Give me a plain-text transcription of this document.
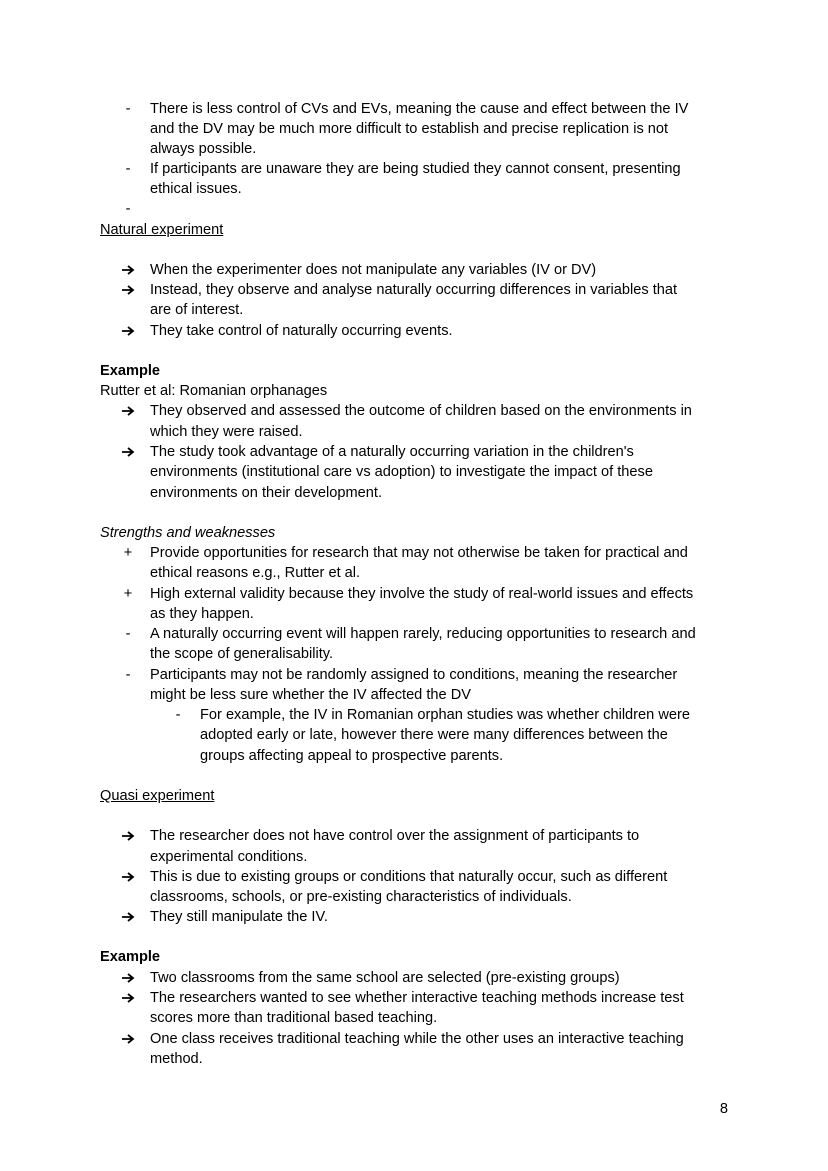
-	There is less control of CVs and EVs, meaning the cause and effect between the IV
and the DV may be much more difficult to establish and precise replication is not
always possible.
-	If participants are unaware they are being studied they cannot consent, presenting
ethical issues.
-
Natural experiment
When the experimenter does not manipulate any variables (IV or DV)
Instead, they observe and analyse naturally occurring differences in variables that
are of interest.
They take control of naturally occurring events.
Example
Rutter et al: Romanian orphanages
They observed and assessed the outcome of children based on the environments in
which they were raised.
The study took advantage of a naturally occurring variation in the children's
environments (institutional care vs adoption) to investigate the impact of these
environments on their development.
Strengths and weaknesses
+	Provide opportunities for research that may not otherwise be taken for practical and
ethical reasons e.g., Rutter et al.
+	High external validity because they involve the study of real-world issues and effects
as they happen.
-	A naturally occurring event will happen rarely, reducing opportunities to research and
the scope of generalisability.
-	Participants may not be randomly assigned to conditions, meaning the researcher
might be less sure whether the IV affected the DV
-	For example, the IV in Romanian orphan studies was whether children were
adopted early or late, however there were many differences between the
groups affecting appeal to prospective parents.
Quasi experiment
The researcher does not have control over the assignment of participants to
experimental conditions.
This is due to existing groups or conditions that naturally occur, such as different
classrooms, schools, or pre-existing characteristics of individuals.
They still manipulate the IV.
Example
Two classrooms from the same school are selected (pre-existing groups)
The researchers wanted to see whether interactive teaching methods increase test
scores more than traditional based teaching.
One class receives traditional teaching while the other uses an interactive teaching
method.
8
